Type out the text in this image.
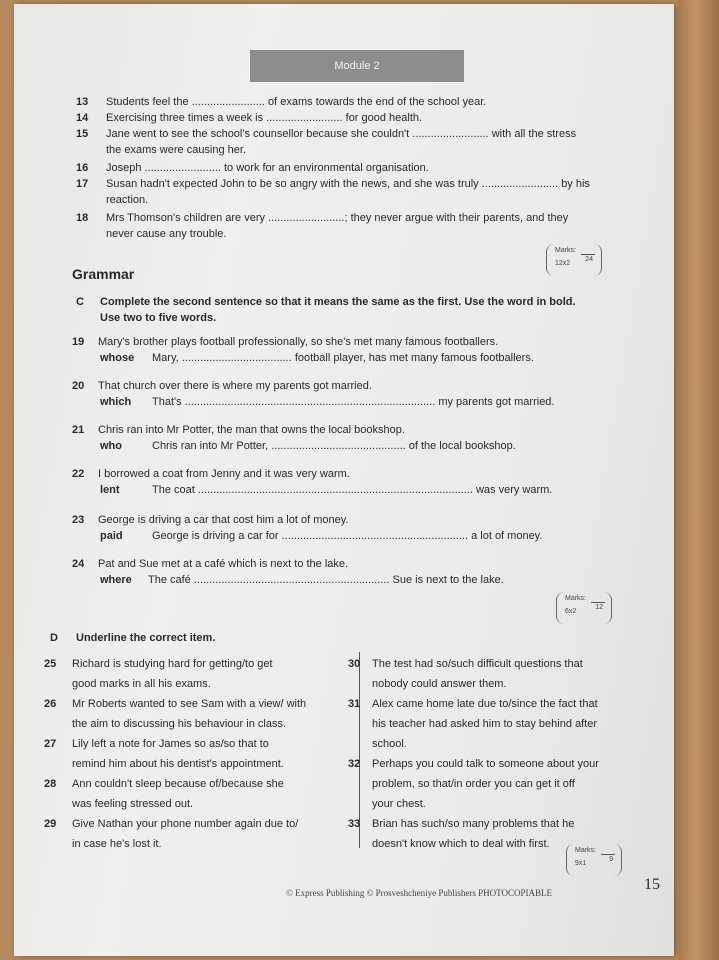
Module 2
13	Students feel the ........................ of exams towards the end of the school year.
14	Exercising three times a week is ......................... for good health.
15	Jane went to see the school's counsellor because she couldn't ......................... with all the stress
the exams were causing her.
16	Joseph ......................... to work for an environmental organisation.
17	Susan hadn't expected John to be so angry with the news, and she was truly ......................... by his
reaction.
18	Mrs Thomson's children are very .........................; they never argue with their parents, and they
never cause any trouble.
Marks:
12x2
24
Grammar
C Complete the second sentence so that it means the same as the first. Use the word in bold.
Use two to five words.
19	Mary's brother plays football professionally, so she's met many famous footballers.
whose Mary, .................................... football player, has met many famous footballers.
20	That church over there is where my parents got married.
which That's .................................................................................. my parents got married.
21	Chris ran into Mr Potter, the man that owns the local bookshop.
who	Chris ran into Mr Potter, ............................................ of the local bookshop.
22	I borrowed a coat from Jenny and it was very warm.
lent	The coat .......................................................................................... was very warm.
23	George is driving a car that cost him a lot of money.
paid	George is driving a car for ............................................................. a lot of money.
24	Pat and Sue met at a café which is next to the lake.
where The café ................................................................ Sue is next to the lake.
Marks:
6x2
12
D Underline the correct item.
25 Richard is studying hard for getting/to get
good marks in all his exams.
26 Mr Roberts wanted to see Sam with a view/ with
the aim to discussing his behaviour in class.
27 Lily left a note for James so as/so that to
remind him about his dentist's appointment.
28 Ann couldn't sleep because of/because she
was feeling stressed out.
29 Give Nathan your phone number again due to/
in case he's lost it.
30 The test had so/such difficult questions that
nobody could answer them.
31 Alex came home late due to/since the fact that
his teacher had asked him to stay behind after
school.
32 Perhaps you could talk to someone about your
problem, so that/in order you can get it off
your chest.
33 Brian has such/so many problems that he
doesn't know which to deal with first.
Marks:
9x1
9
© Express Publishing © Prosveshcheniye Publishers PHOTOCOPIABLE	15
